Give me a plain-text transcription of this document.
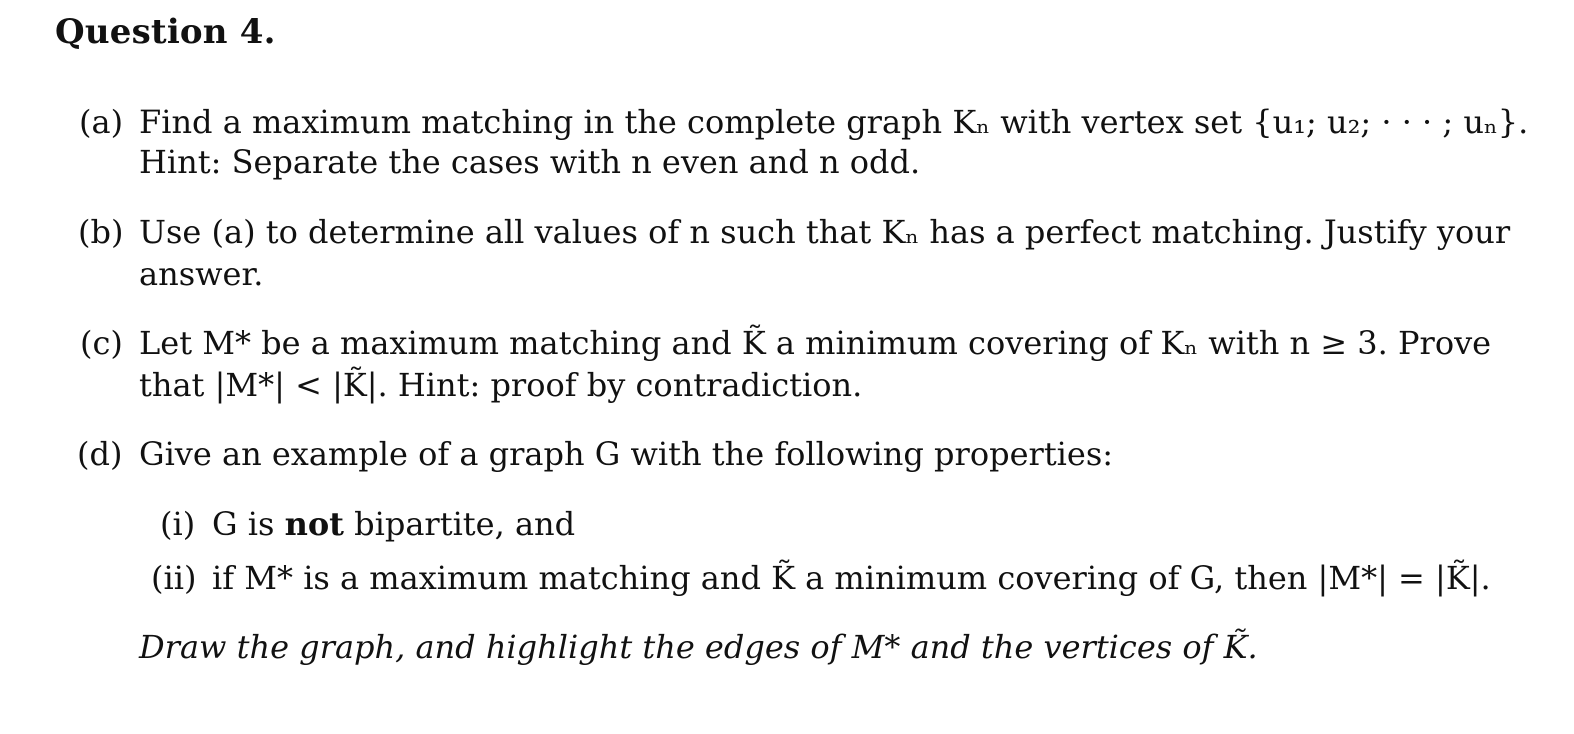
Question 4.
(a) Find a maximum matching in the complete graph Kₙ with vertex set {u₁; u₂; · · · ; uₙ}.
Hint: Separate the cases with n even and n odd.
(b) Use (a) to determine all values of n such that Kₙ has a perfect matching. Justify your
answer.
(c) Let M* be a maximum matching and K̃ a minimum covering of Kₙ with n ≥ 3. Prove
that |M*| < |K̃|. Hint: proof by contradiction.
(d) Give an example of a graph G with the following properties:
(i) G is not bipartite, and
(ii) if M* is a maximum matching and K̃ a minimum covering of G, then |M*| = |K̃|.
Draw the graph, and highlight the edges of M* and the vertices of K̃.
